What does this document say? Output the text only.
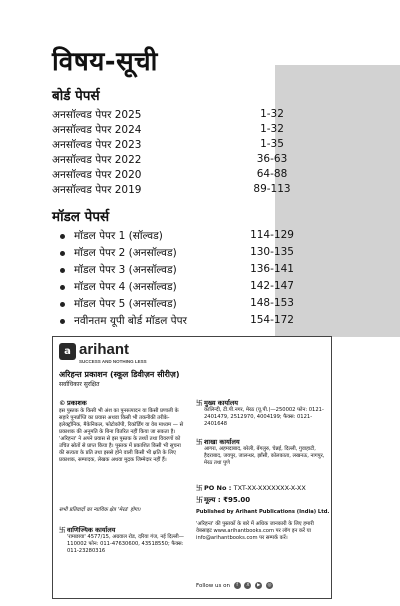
विषय-सूची
बोर्ड पेपर्स
अनसॉल्वड पेपर 2025	1-32
अनसॉल्वड पेपर 2024	1-32
अनसॉल्वड पेपर 2023	1-35
अनसॉल्वड पेपर 2022	36-63
अनसॉल्वड पेपर 2020	64-88
अनसॉल्वड पेपर 2019	89-113
मॉडल पेपर्स
मॉडल पेपर 1 (सॉल्वड)	114-129
मॉडल पेपर 2 (अनसॉल्वड)	130-135
मॉडल पेपर 3 (अनसॉल्वड)	136-141
मॉडल पेपर 4 (अनसॉल्वड)	142-147
मॉडल पेपर 5 (अनसॉल्वड)	148-153
नवीनतम यूपी बोर्ड मॉडल पेपर	154-172
a arihant
SUCCESS AND NOTHING LESS
अरिहन्त प्रकाशन (स्कूल डिवीज़न सीरीज़)
सर्वाधिकार सुरक्षित
© प्रकाशक
इस पुस्तक के किसी भी अंश का पुनरुत्पादन या किसी प्रणाली के सहारे पुनर्प्राप्ति का प्रयास अथवा किसी भी तकनीकी तरीके-इलेक्ट्रॉनिक, मैकेनिकल, फोटोकॉपी, रिकॉर्डिंग या वेब माध्यम — से प्रकाशक की अनुमति के बिना वितरित नहीं किया जा सकता है। 'अरिहन्त' ने अपने प्रयास से इस पुस्तक के तथ्यों तथा विवरणों को उचित स्रोतों से प्राप्त किया है। पुस्तक में प्रकाशित किसी भी सूचना की सत्यता के प्रति तथा इससे होने वाली किसी भी क्षति के लिए प्रकाशक, सम्पादक, लेखक अथवा मुद्रक जिम्मेदार नहीं हैं।
सभी प्रतिवादों का न्यायिक क्षेत्र 'मेरठ' होगा।
卐 वाणिज्यिक कार्यालय
'रामछाया' 4577/15, अग्रवाल रोड, दरिया गंज, नई दिल्ली— 110002 फोन: 011-47630600, 43518550; फैक्स: 011-23280316
卐 मुख्य कार्यालय
कालिन्दी, टी.पी.नगर, मेरठ (यू.पी.)—250002 फोन: 0121-2401479, 2512970, 4004199; फैक्स: 0121-2401648
卐 शाखा कार्यालय
आगरा, अहमदाबाद, बरेली, बेंगलुरु, चेन्नई, दिल्ली, गुवाहाटी, हैदराबाद, जयपुर, जालन्धर, झाँसी, कोलकाता, लखनऊ, नागपुर, मेरठ तथा पुणे
卐 PO No : TXT-XX-XXXXXXX-X-XX
卐मूल्य : ₹95.00
Published by Arihant Publications (India) Ltd.
'अरिहन्त' की पुस्तकों के बारे में अधिक जानकारी के लिए हमारी वेबसाइट www.arihantbooks.com पर लॉग इन करें या info@arihantbooks.com पर सम्पर्क करें।
Follow us on f X ▶ ◎
